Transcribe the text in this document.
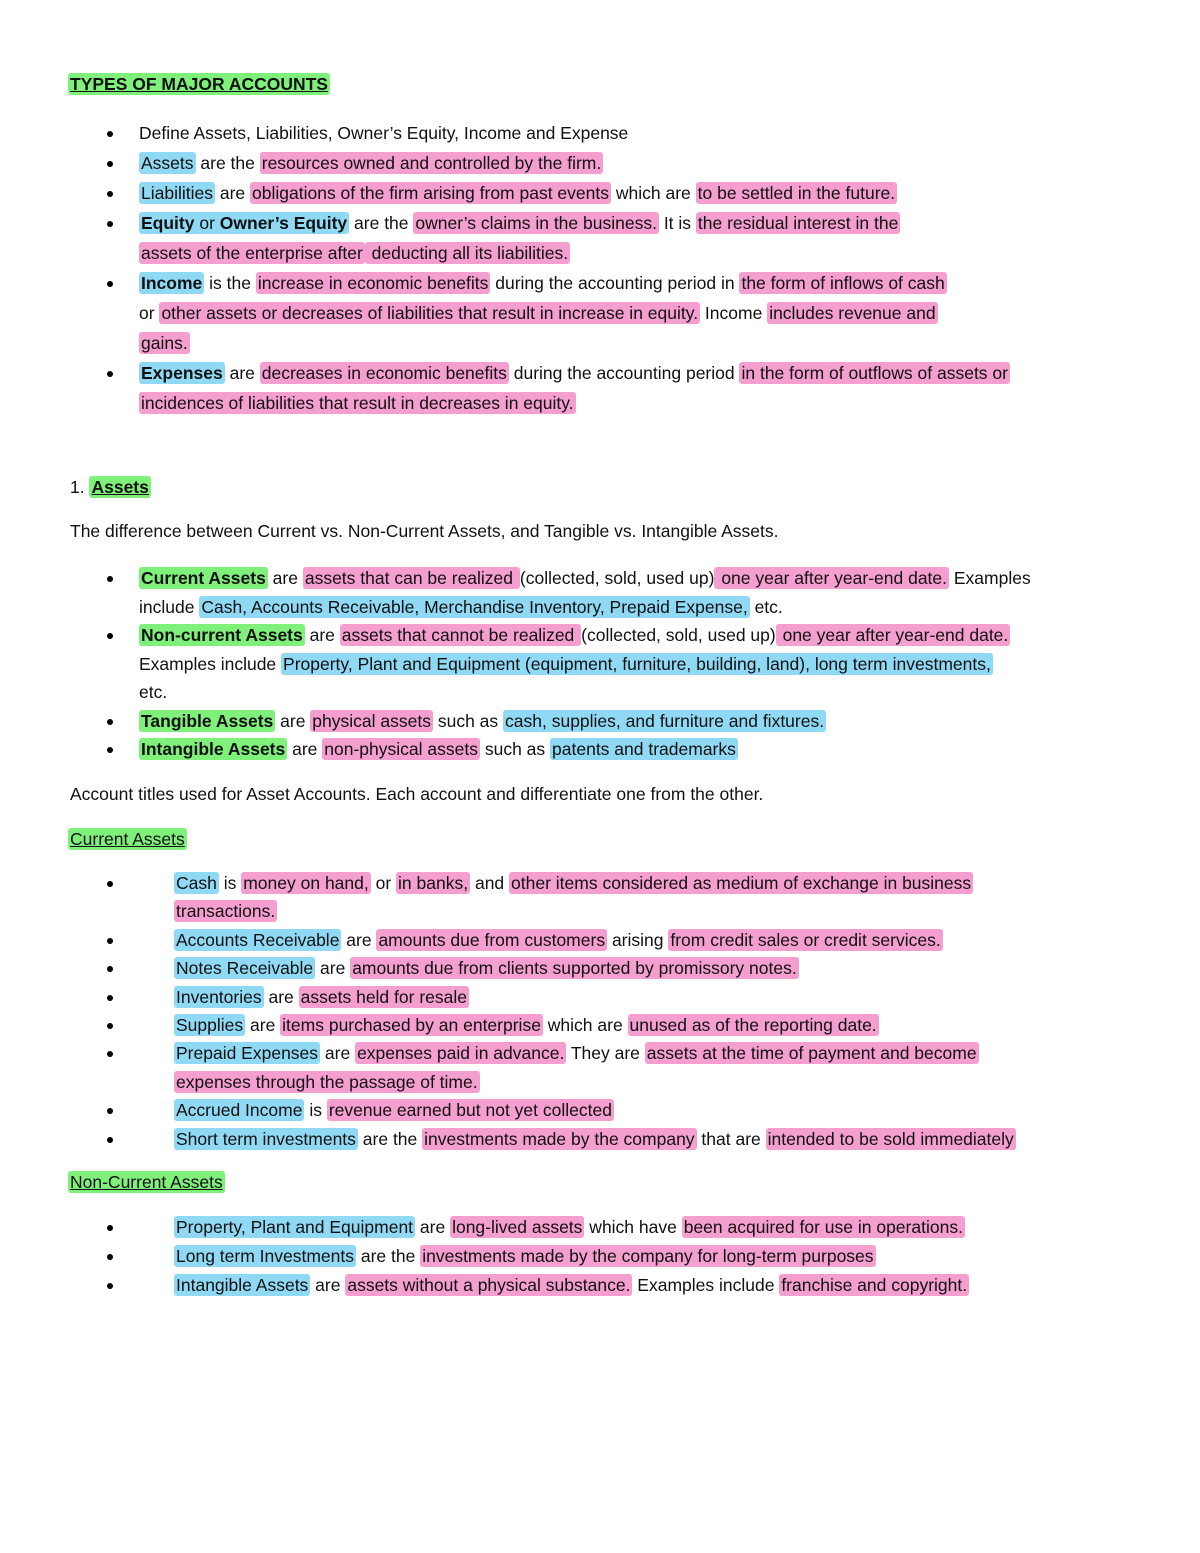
TYPES OF MAJOR ACCOUNTS
Define Assets, Liabilities, Owner’s Equity, Income and Expense
Assets are the resources owned and controlled by the firm.
Liabilities are obligations of the firm arising from past events which are to be settled in the future.
Equity or Owner’s Equity are the owner’s claims in the business. It is the residual interest in the
assets of the enterprise after deducting all its liabilities.
Income is the increase in economic benefits during the accounting period in the form of inflows of cash
or other assets or decreases of liabilities that result in increase in equity. Income includes revenue and
gains.
Expenses are decreases in economic benefits during the accounting period in the form of outflows of assets or
incidences of liabilities that result in decreases in equity.
1. Assets

The difference between Current vs. Non-Current Assets, and Tangible vs. Intangible Assets.

Current Assets are assets that can be realized (collected, sold, used up) one year after year-end date. Examples
include Cash, Accounts Receivable, Merchandise Inventory, Prepaid Expense, etc.
Non-current Assets are assets that cannot be realized (collected, sold, used up) one year after year-end date.
Examples include Property, Plant and Equipment (equipment, furniture, building, land), long term investments,
etc.
Tangible Assets are physical assets such as cash, supplies, and furniture and fixtures.
Intangible Assets are non-physical assets such as patents and trademarks

Account titles used for Asset Accounts. Each account and differentiate one from the other.

Current Assets
Cash is money on hand, or in banks, and other items considered as medium of exchange in business
transactions.
Accounts Receivable are amounts due from customers arising from credit sales or credit services.
Notes Receivable are amounts due from clients supported by promissory notes.
Inventories are assets held for resale
Supplies are items purchased by an enterprise which are unused as of the reporting date.
Prepaid Expenses are expenses paid in advance. They are assets at the time of payment and become
expenses through the passage of time.
Accrued Income is revenue earned but not yet collected
Short term investments are the investments made by the company that are intended to be sold immediately
Non-Current Assets
Property, Plant and Equipment are long-lived assets which have been acquired for use in operations.
Long term Investments are the investments made by the company for long-term purposes
Intangible Assets are assets without a physical substance. Examples include franchise and copyright.
